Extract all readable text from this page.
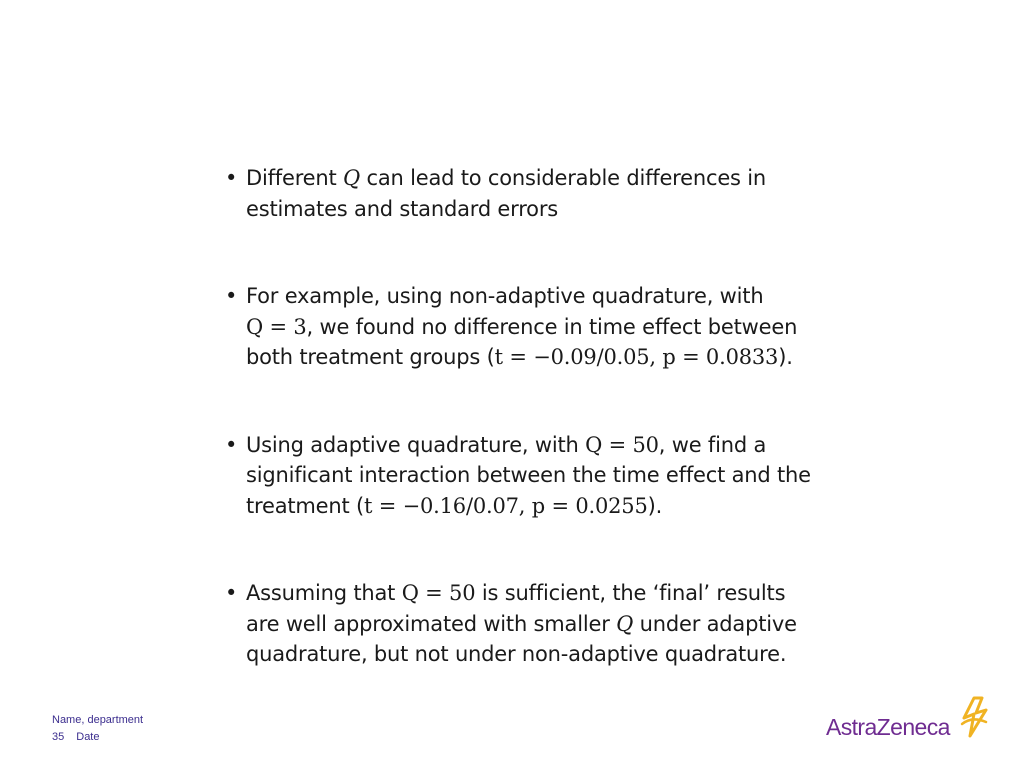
• Different Q can lead to considerable differences in
estimates and standard errors
• For example, using non-adaptive quadrature, with
Q = 3, we found no difference in time effect between
both treatment groups (t = −0.09/0.05, p = 0.0833).
• Using adaptive quadrature, with Q = 50, we find a
significant interaction between the time effect and the
treatment (t = −0.16/0.07, p = 0.0255).
• Assuming that Q = 50 is sufficient, the ‘final’ results
are well approximated with smaller Q under adaptive
quadrature, but not under non-adaptive quadrature.
Name, department
35 Date	AstraZeneca
